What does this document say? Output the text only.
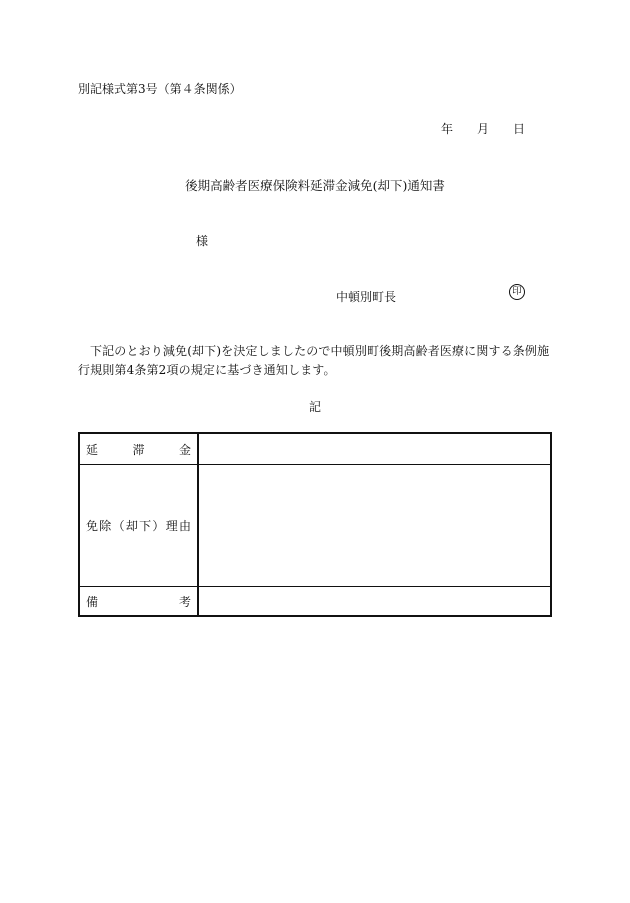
別記様式第3号（第４条関係）
年 月 日
後期高齢者医療保険料延滞金減免(却下)通知書
様
中頓別町長	印
下記のとおり減免(却下)を決定しましたので中頓別町後期高齢者医療に関する条例施行規則第4条第2項の規定に基づき通知します。
記
延	滞	金
免 除 （ 却 下 ） 理 由
備	考
